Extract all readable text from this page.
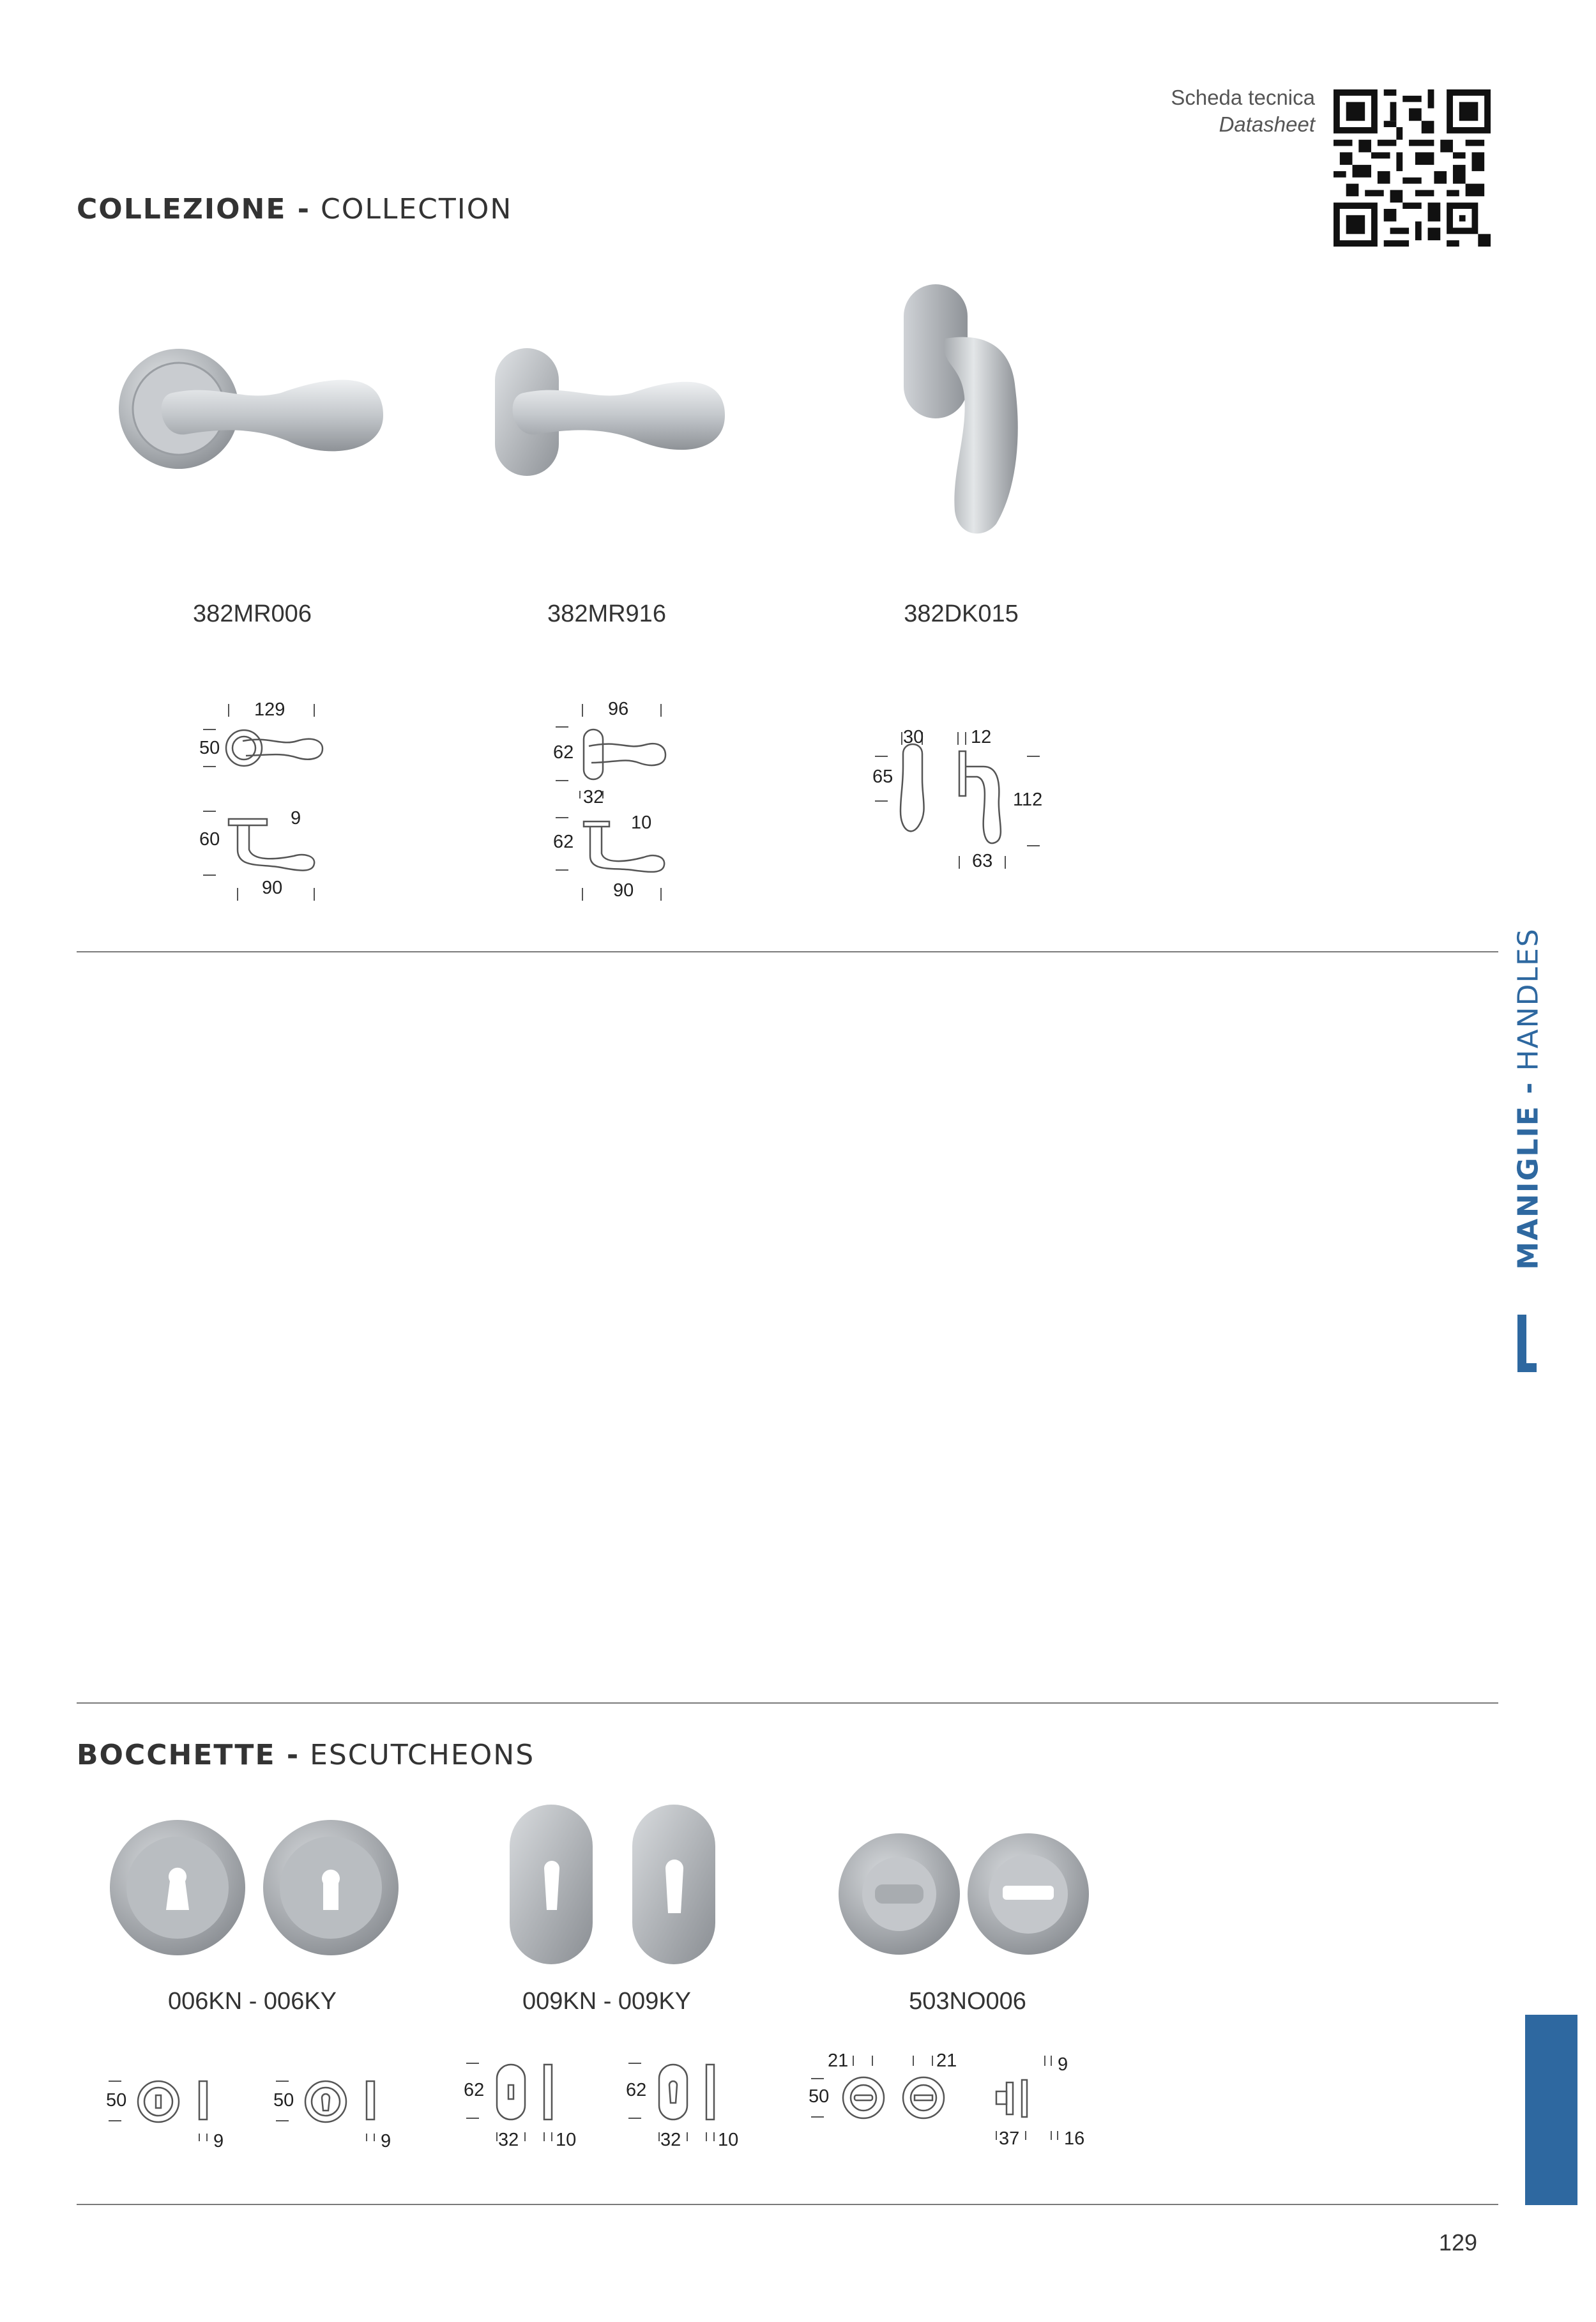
Scheda tecnica
Datasheet
COLLEZIONE - COLLECTION
382MR006	382MR916	382DK015
129
50
60
9
90
96
62
32
62
10
90
30
65
12
112
63
MANIGLIE - HANDLES
BOCCHETTE - ESCUTCHEONS
006KN - 006KY	009KN - 009KY	503NO006
50
9
50
9
62
32 10
62
32 10
50
21	21	9
37 16
129
